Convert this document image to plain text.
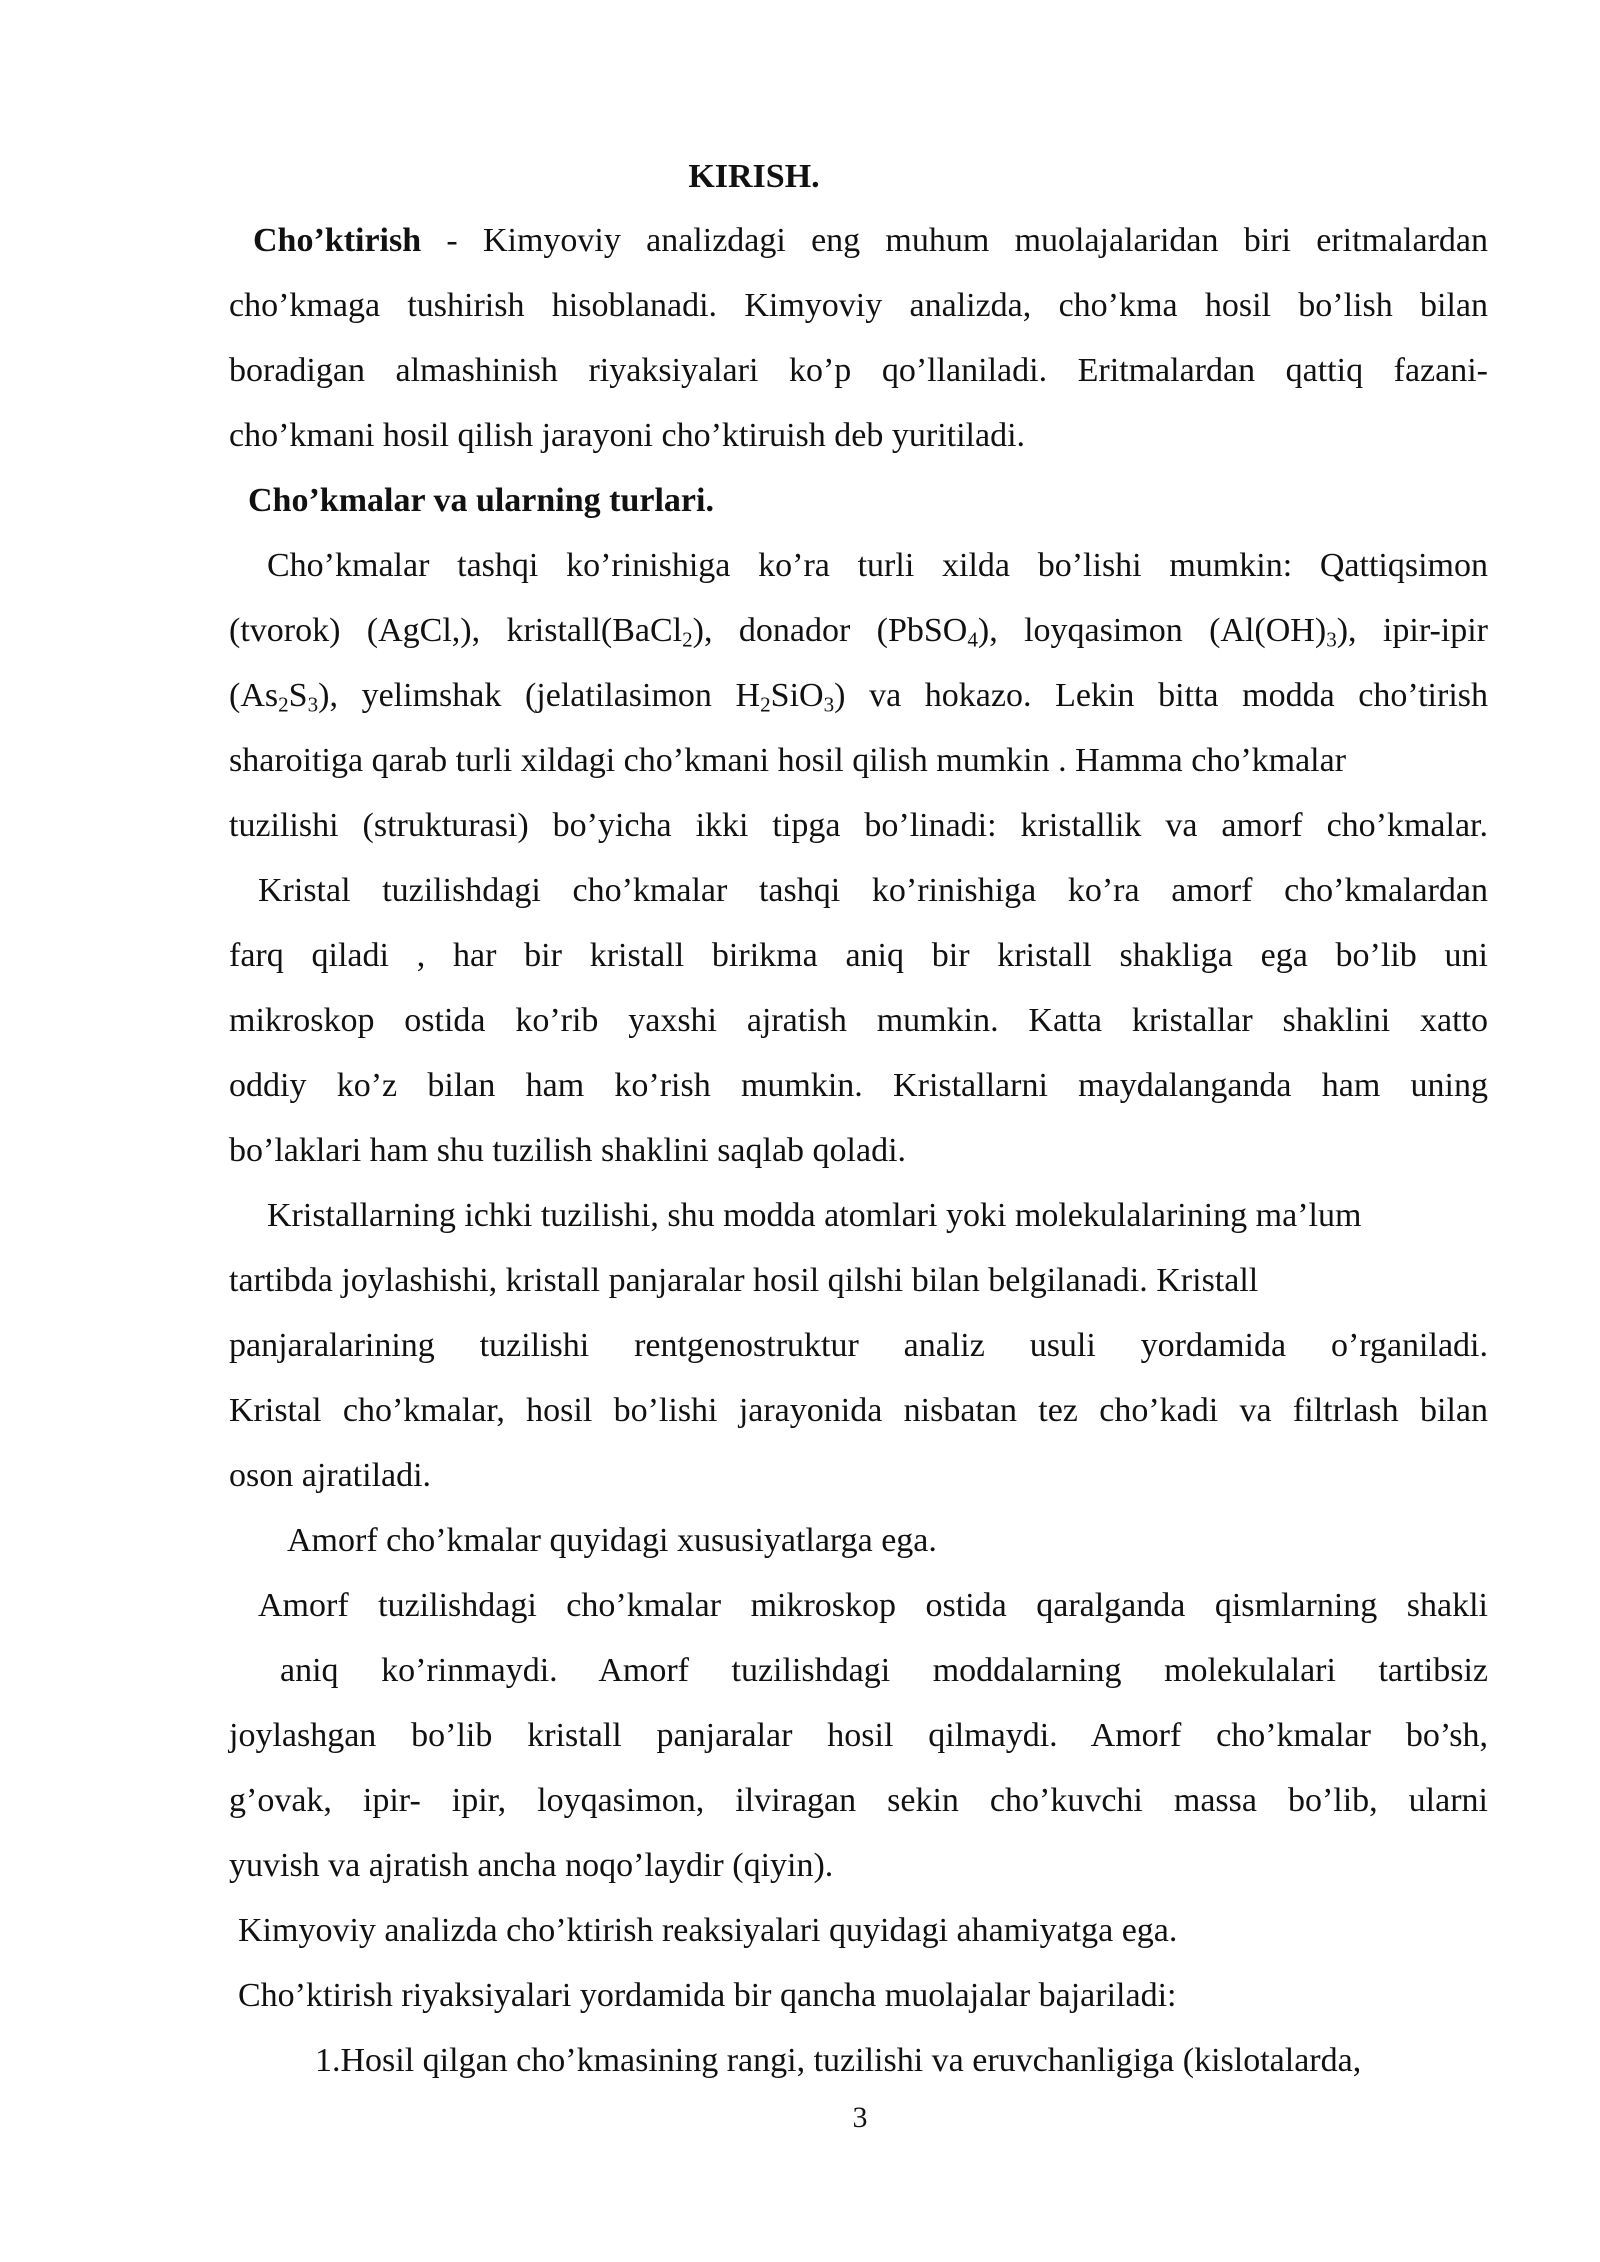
KIRISH.
Cho’ktirish - Kimyoviy analizdagi eng muhum muolajalaridan biri eritmalardan
cho’kmaga tushirish hisoblanadi. Kimyoviy analizda, cho’kma hosil bo’lish bilan
boradigan almashinish riyaksiyalari ko’p qo’llaniladi. Eritmalardan qattiq fazani-
cho’kmani hosil qilish jarayoni cho’ktiruish deb yuritiladi.
Cho’kmalar va ularning turlari.
Cho’kmalar tashqi ko’rinishiga ko’ra turli xilda bo’lishi mumkin: Qattiqsimon
(tvorok) (AgCl,), kristall(BaCl$_2$), donador (PbSO$_4$), loyqasimon $(Al(OH)_3)$, ipir-ipir
$(As_2S_3)$, yelimshak (jelatilasimon $H_2SiO_3$) va hokazo. Lekin bitta modda cho’tirish
sharoitiga qarab turli xildagi cho’kmani hosil qilish mumkin . Hamma cho’kmalar
tuzilishi (strukturasi) bo’yicha ikki tipga bo’linadi: kristallik va amorf cho’kmalar.
Kristal tuzilishdagi cho’kmalar tashqi ko’rinishiga ko’ra amorf cho’kmalardan
farq qiladi , har bir kristall birikma aniq bir kristall shakliga ega bo’lib uni
mikroskop ostida ko’rib yaxshi ajratish mumkin. Katta kristallar shaklini xatto
oddiy ko’z bilan ham ko’rish mumkin. Kristallarni maydalanganda ham uning
bo’laklari ham shu tuzilish shaklini saqlab qoladi.
Kristallarning ichki tuzilishi, shu modda atomlari yoki molekulalarining ma’lum
tartibda joylashishi, kristall panjaralar hosil qilshi bilan belgilanadi. Kristall
panjaralarining tuzilishi rentgenostruktur analiz usuli yordamida o’rganiladi.
Kristal cho’kmalar, hosil bo’lishi jarayonida nisbatan tez cho’kadi va filtrlash bilan
oson ajratiladi.
Amorf cho’kmalar quyidagi xususiyatlarga ega.
Amorf tuzilishdagi cho’kmalar mikroskop ostida qaralganda qismlarning shakli
aniq ko’rinmaydi. Amorf tuzilishdagi moddalarning molekulalari tartibsiz
joylashgan bo’lib kristall panjaralar hosil qilmaydi. Amorf cho’kmalar bo’sh,
g’ovak, ipir- ipir, loyqasimon, ilviragan sekin cho’kuvchi massa bo’lib, ularni
yuvish va ajratish ancha noqo’laydir (qiyin).
Kimyoviy analizda cho’ktirish reaksiyalari quyidagi ahamiyatga ega.
Cho’ktirish riyaksiyalari yordamida bir qancha muolajalar bajariladi:
1.Hosil qilgan cho’kmasining rangi, tuzilishi va eruvchanligiga (kislotalarda,
3
